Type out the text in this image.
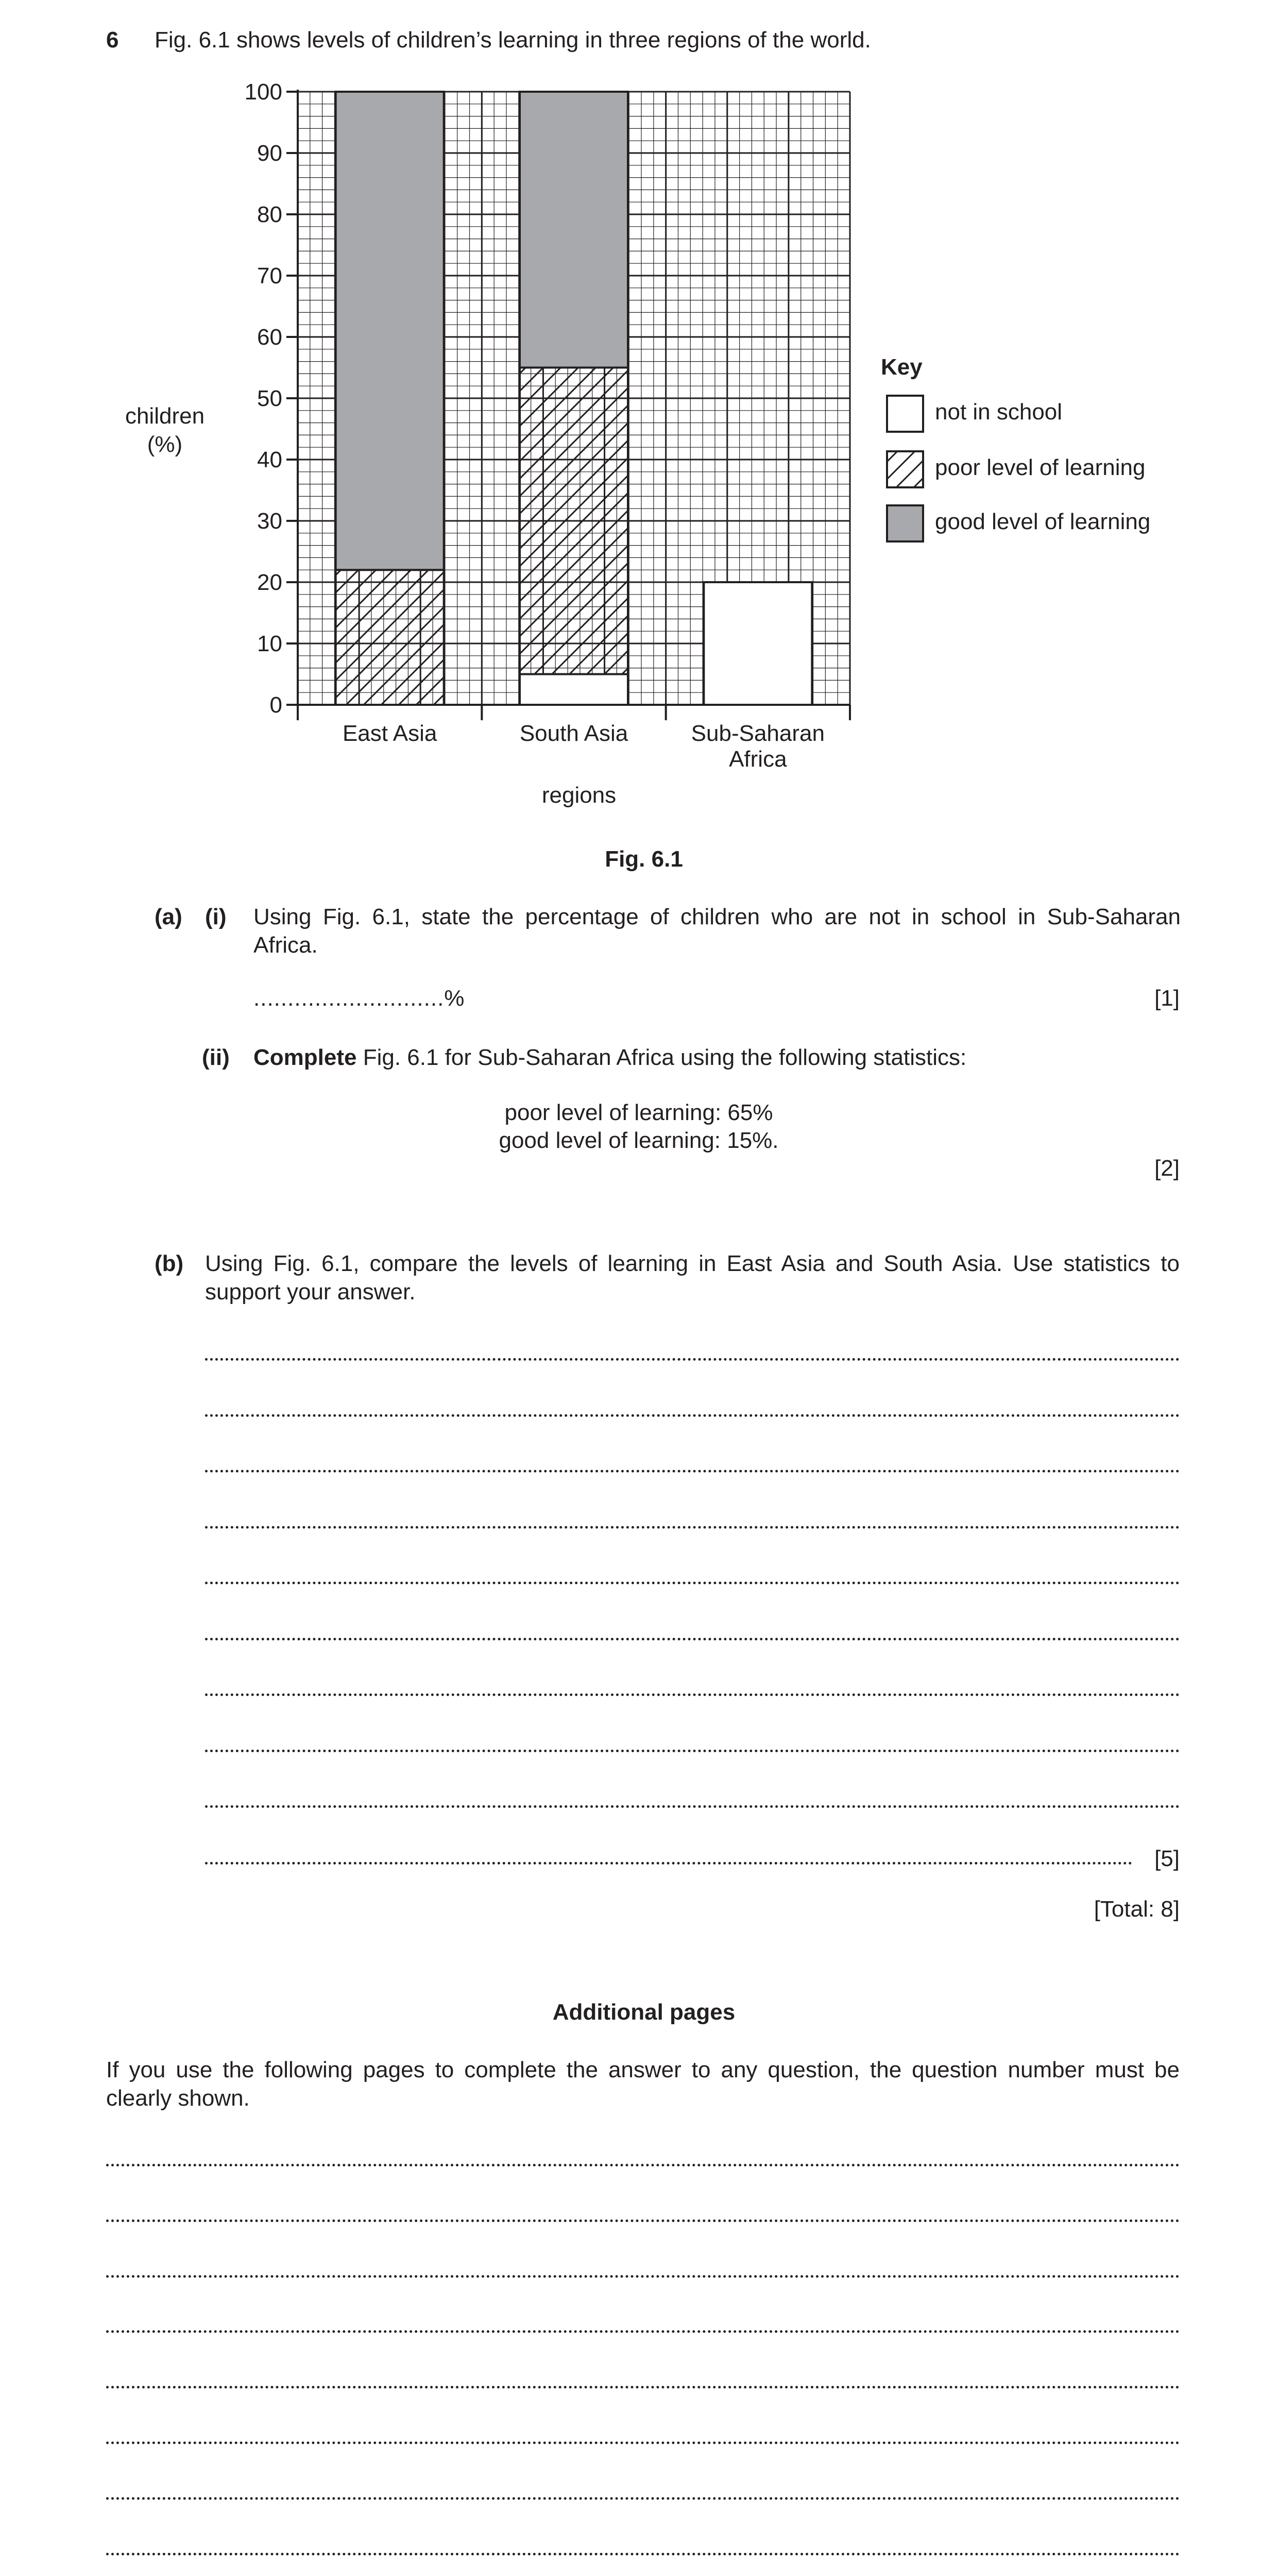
6 Fig. 6.1 shows levels of children’s learning in three regions of the world.
0
10
20
30
40
50
60
70
80
90
100
East Asia	South Asia	Sub-Saharan
Africa
children
(%)
regions
Key
not in school
poor level of learning
good level of learning
Fig. 6.1
(a) (i) Using Fig. 6.1, state the percentage of children who are not in school in Sub-Saharan
Africa.
............................%	[1]
(ii) Complete Fig. 6.1 for Sub-Saharan Africa using the following statistics:
poor level of learning: 65%
good level of learning: 15%.
[2]
(b) Using Fig. 6.1, compare the levels of learning in East Asia and South Asia. Use statistics to
support your answer.
[5]
[Total: 8]
Additional pages
If you use the following pages to complete the answer to any question, the question number must be
clearly shown.
